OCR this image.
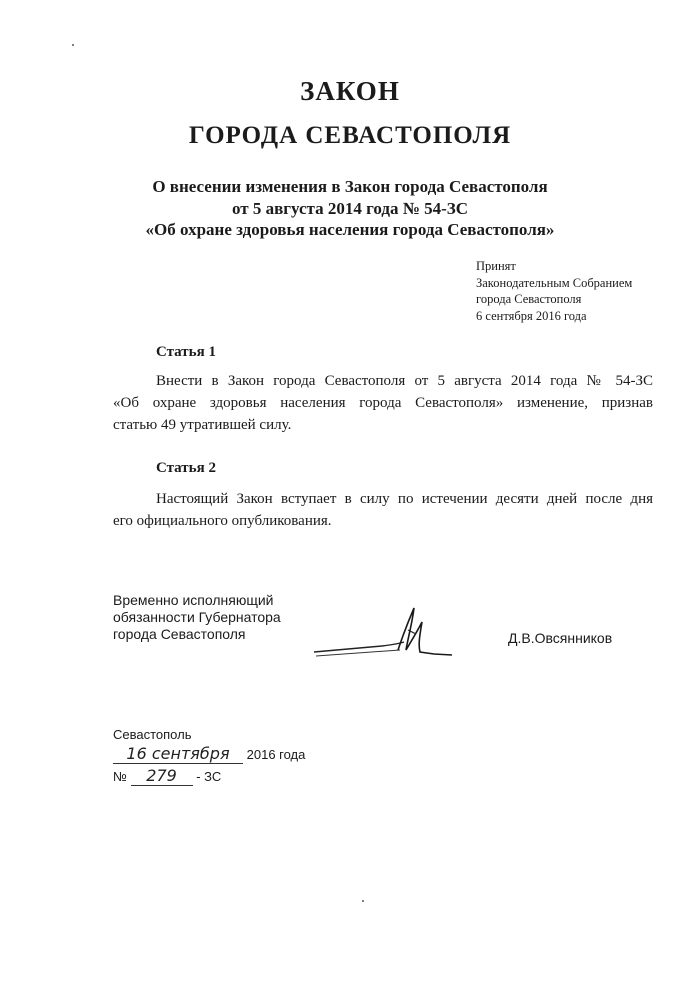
ЗАКОН
ГОРОДА СЕВАСТОПОЛЯ
О внесении изменения в Закон города Севастополя
от 5 августа 2014 года № 54-ЗС
«Об охране здоровья населения города Севастополя»
Принят
Законодательным Собранием
города Севастополя
6 сентября 2016 года
Статья 1
Внести в Закон города Севастополя от 5 августа 2014 года № 54-ЗС
«Об охране здоровья населения города Севастополя» изменение, признав
статью 49 утратившей силу.
Статья 2
Настоящий Закон вступает в силу по истечении десяти дней после дня
его официального опубликования.
Временно исполняющий
обязанности Губернатора
города Севастополя	Д.В.Овсянников
Севастополь
16 сентября 2016 года
№ 279 - ЗС
